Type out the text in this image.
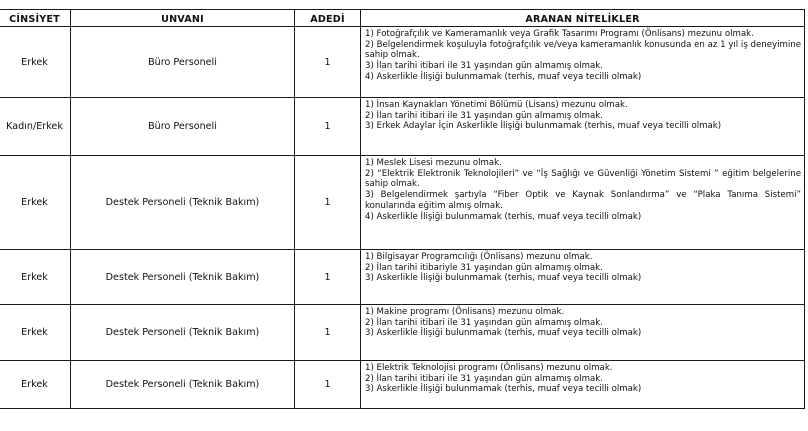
CİNSİYET	UNVANI	ADEDİ	ARANAN NİTELİKLER
Erkek	Büro Personeli	1	1) Fotoğrafçılık ve Kameramanlık veya Grafik Tasarımı Programı (Önlisans) mezunu olmak.
2) Belgelendirmek koşuluyla fotoğrafçılık ve/veya kameramanlık konusunda en az 1 yıl iş deneyimine sahip olmak.
3) İlan tarihi itibari ile 31 yaşından gün almamış olmak.
4) Askerlikle İlişiği bulunmamak (terhis, muaf veya tecilli olmak)

Kadın/Erkek	Büro Personeli	1	1) İnsan Kaynakları Yönetimi Bölümü (Lisans) mezunu olmak.
2) İlan tarihi itibari ile 31 yaşından gün almamış olmak.
3) Erkek Adaylar İçin Askerlikle İlişiği bulunmamak (terhis, muaf veya tecilli olmak)

Erkek	Destek Personeli (Teknik Bakım)	1	1) Meslek Lisesi mezunu olmak.
2) “Elektrik Elektronik Teknolojileri” ve “İş Sağlığı ve Güvenliği Yönetim Sistemi ” eğitim belgelerine sahip olmak.
3) Belgelendirmek şartıyla “Fiber Optik ve Kaynak Sonlandırma” ve “Plaka Tanıma Sistemi” konularında eğitim almış olmak.
4) Askerlikle İlişiği bulunmamak (terhis, muaf veya tecilli olmak)

Erkek	Destek Personeli (Teknik Bakım)	1	1) Bilgisayar Programcılığı (Önlisans) mezunu olmak.
2) İlan tarihi itibariyle 31 yaşından gün almamış olmak.
3) Askerlikle İlişiği bulunmamak (terhis, muaf veya tecilli olmak)

Erkek	Destek Personeli (Teknik Bakım)	1	1) Makine programı (Önlisans) mezunu olmak.
2) İlan tarihi itibari ile 31 yaşından gün almamış olmak.
3) Askerlikle İlişiği bulunmamak (terhis, muaf veya tecilli olmak)

Erkek	Destek Personeli (Teknik Bakım)	1	1) Elektrik Teknolojisi programı (Önlisans) mezunu olmak.
2) İlan tarihi itibari ile 31 yaşından gün almamış olmak.
3) Askerlikle İlişiği bulunmamak (terhis, muaf veya tecilli olmak)
